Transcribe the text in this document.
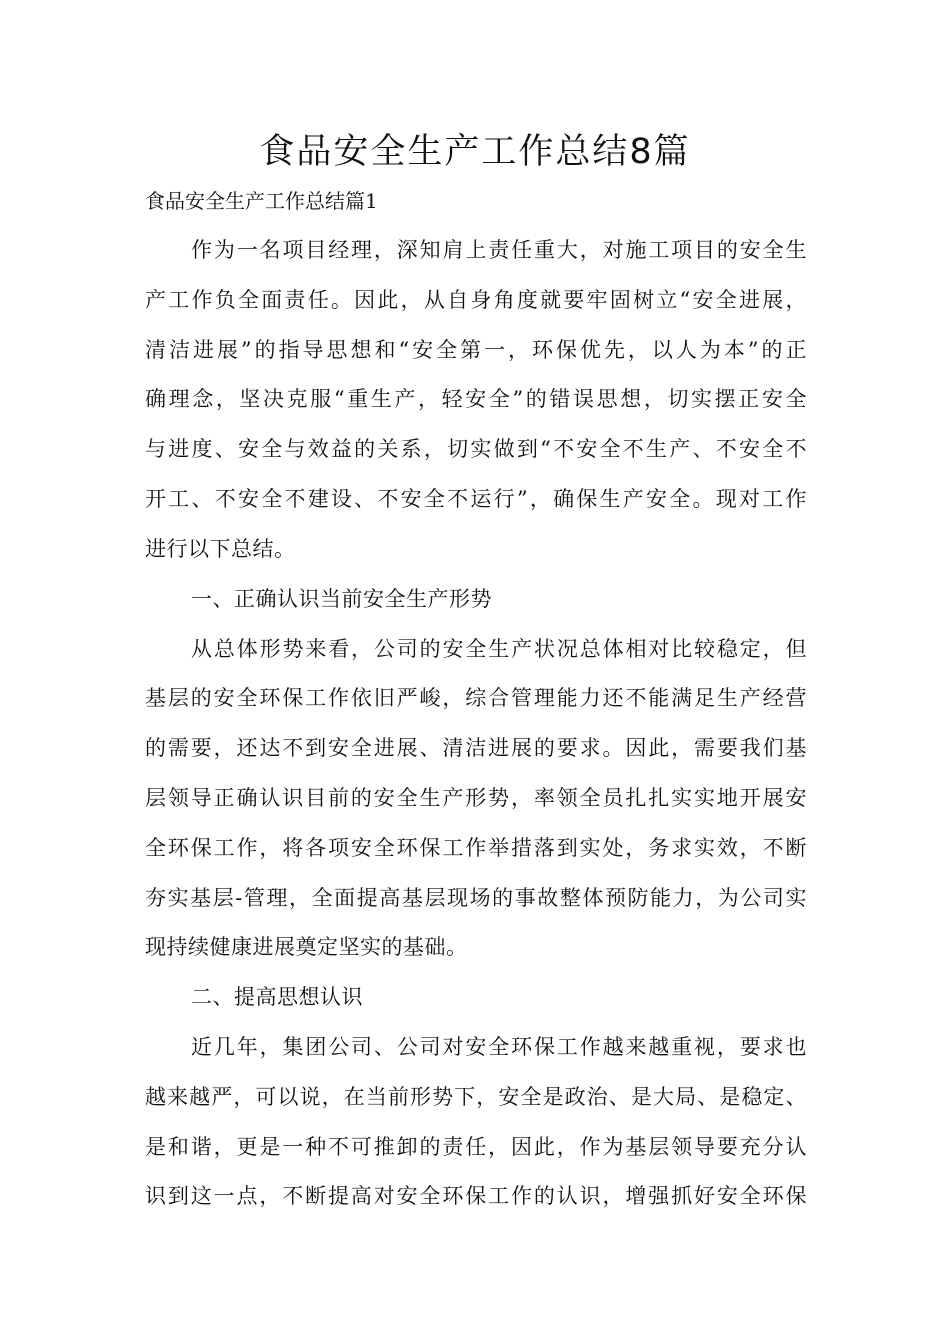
食品安全生产工作总结8篇

食品安全生产工作总结篇1

作为一名项目经理，深知肩上责任重大，对施工项目的安全生

产工作负全面责任。因此，从自身角度就要牢固树立“安全进展，

清洁进展”的指导思想和“安全第一，环保优先，以人为本”的正

确理念，坚决克服“重生产，轻安全”的错误思想，切实摆正安全

与进度、安全与效益的关系，切实做到“不安全不生产、不安全不

开工、不安全不建设、不安全不运行”，确保生产安全。现对工作

进行以下总结。

一、正确认识当前安全生产形势

从总体形势来看，公司的安全生产状况总体相对比较稳定，但

基层的安全环保工作依旧严峻，综合管理能力还不能满足生产经营

的需要，还达不到安全进展、清洁进展的要求。因此，需要我们基

层领导正确认识目前的安全生产形势，率领全员扎扎实实地开展安

全环保工作，将各项安全环保工作举措落到实处，务求实效，不断

夯实基层-管理，全面提高基层现场的事故整体预防能力，为公司实

现持续健康进展奠定坚实的基础。

二、提高思想认识

近几年，集团公司、公司对安全环保工作越来越重视，要求也

越来越严，可以说，在当前形势下，安全是政治、是大局、是稳定、

是和谐，更是一种不可推卸的责任，因此，作为基层领导要充分认

识到这一点，不断提高对安全环保工作的认识，增强抓好安全环保
